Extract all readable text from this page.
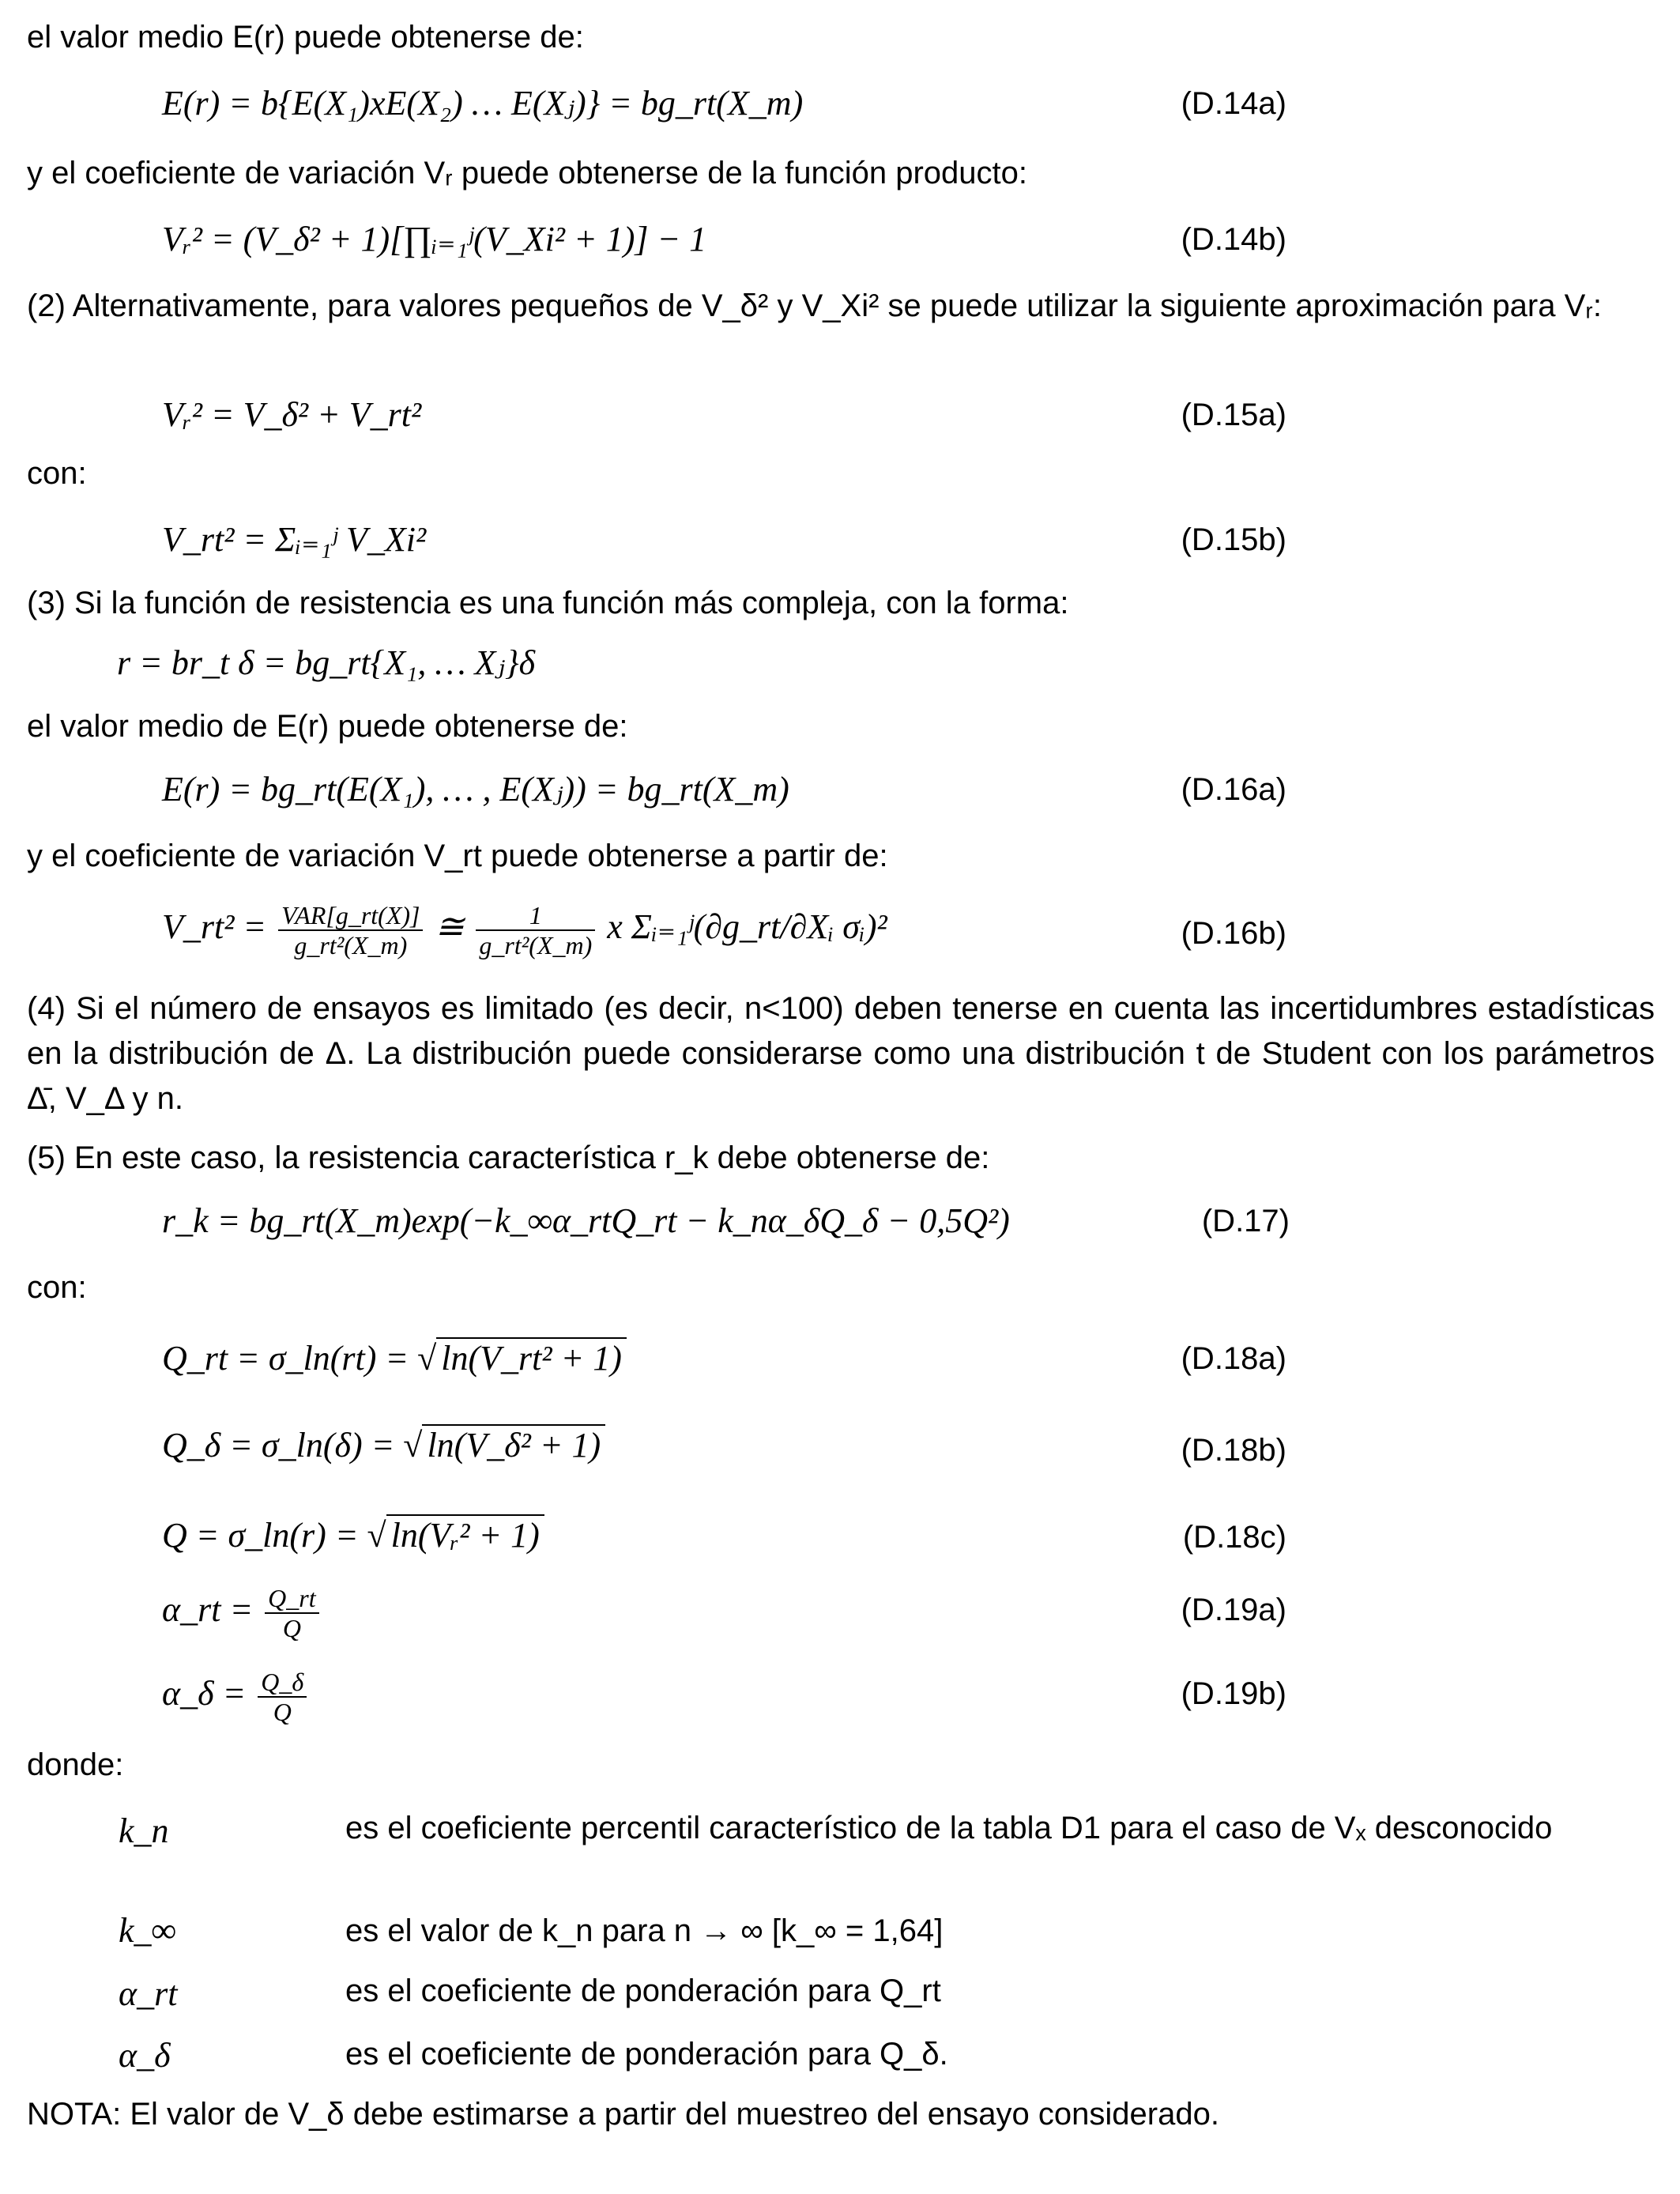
el valor medio E(r) puede obtenerse de:
E(r) = b{E(X₁)xE(X₂) … E(Xⱼ)} = bg_rt(X_m)	(D.14a)
y el coeficiente de variación Vᵣ puede obtenerse de la función producto:
Vᵣ² = (V_δ² + 1)[∏ᵢ₌₁ʲ(V_Xi² + 1)] − 1	(D.14b)
(2) Alternativamente, para valores pequeños de V_δ² y V_Xi² se puede utilizar la siguiente aproximación para Vᵣ:
Vᵣ² = V_δ² + V_rt²	(D.15a)
con:
V_rt² = Σᵢ₌₁ʲ V_Xi²	(D.15b)
(3) Si la función de resistencia es una función más compleja, con la forma:
r = br_t δ = bg_rt{X₁, … Xⱼ}δ
el valor medio de E(r) puede obtenerse de:
E(r) = bg_rt(E(X₁), … , E(Xⱼ)) = bg_rt(X_m)	(D.16a)
y el coeficiente de variación V_rt puede obtenerse a partir de:
V_rt² = $\frac{\text{VAR[g\_rt(X)]}}{\text{g\_rt²(X\_m)}}$ ≅ $\frac{1}{\text{g\_rt²(X\_m)}}$ x Σᵢ₌₁ʲ(∂g_rt/∂Xᵢ σᵢ)²	(D.16b)
(4) Si el número de ensayos es limitado (es decir, n<100) deben tenerse en cuenta las incertidumbres estadísticas en la distribución de Δ. La distribución puede considerarse como una distribución t de Student con los parámetros Δ̄, V_Δ y n.
(5) En este caso, la resistencia característica r_k debe obtenerse de:
r_k = bg_rt(X_m)exp(−k_∞α_rtQ_rt − k_nα_δQ_δ − 0,5Q²)	(D.17)
con:
Q_rt = σ_ln(rt) = √ ln(V_rt² + 1)	(D.18a)
Q_δ = σ_ln(δ) = √ ln(V_δ² + 1)	(D.18b)
Q = σ_ln(r) = √ ln(Vᵣ² + 1)	(D.18c)
α_rt = $\frac{Q\_rt}{Q}$	(D.19a)
α_δ = $\frac{Q\_\delta}{Q}$	(D.19b)
donde:
k_n	es el coeficiente percentil característico de la tabla D1 para el caso de Vₓ desconocido
k_∞	es el valor de k_n para n → ∞ [k_∞ = 1,64]
α_rt	es el coeficiente de ponderación para Q_rt
α_δ	es el coeficiente de ponderación para Q_δ.
NOTA: El valor de V_δ debe estimarse a partir del muestreo del ensayo considerado.
